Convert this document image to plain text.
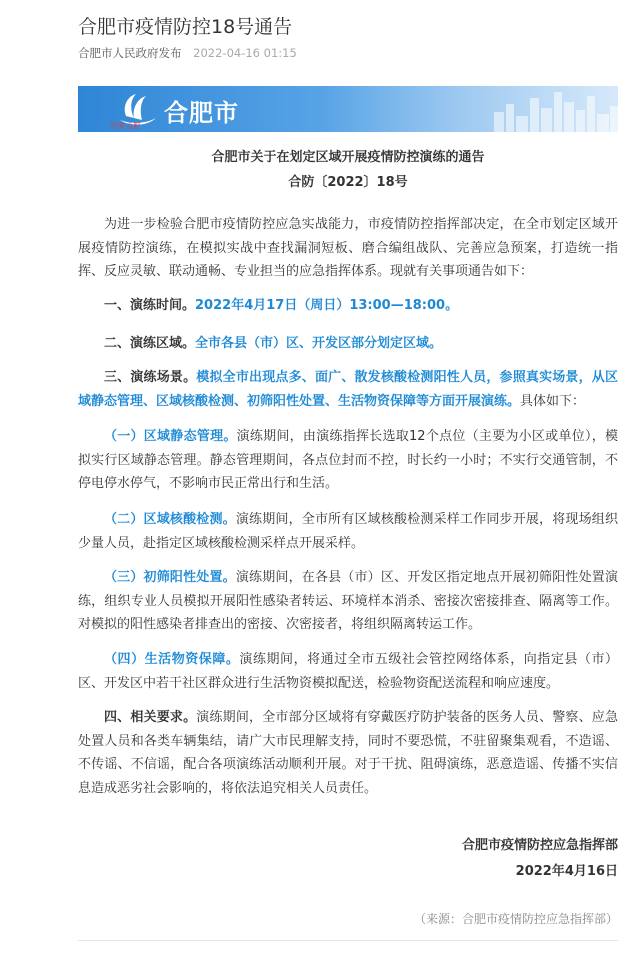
合肥市疫情防控18号通告
合肥市人民政府发布 2022-04-16 01:15
中国·合肥 合肥市
合肥市关于在划定区域开展疫情防控演练的通告
合防〔2022〕18号

为进一步检验合肥市疫情防控应急实战能力，市疫情防控指挥部决定，在全市划定区域开展疫情防控演练，在模拟实战中查找漏洞短板、磨合编组战队、完善应急预案，打造统一指挥、反应灵敏、联动通畅、专业担当的应急指挥体系。现就有关事项通告如下：

一、演练时间。2022年4月17日（周日）13:00—18:00。

二、演练区域。全市各县（市）区、开发区部分划定区域。

三、演练场景。模拟全市出现点多、面广、散发核酸检测阳性人员，参照真实场景，从区域静态管理、区域核酸检测、初筛阳性处置、生活物资保障等方面开展演练。具体如下：

（一）区域静态管理。演练期间，由演练指挥长选取12个点位（主要为小区或单位），模拟实行区域静态管理。静态管理期间，各点位封而不控，时长约一小时；不实行交通管制，不停电停水停气，不影响市民正常出行和生活。

（二）区域核酸检测。演练期间，全市所有区域核酸检测采样工作同步开展，将现场组织少量人员，赴指定区域核酸检测采样点开展采样。

（三）初筛阳性处置。演练期间，在各县（市）区、开发区指定地点开展初筛阳性处置演练，组织专业人员模拟开展阳性感染者转运、环境样本消杀、密接次密接排查、隔离等工作。对模拟的阳性感染者排查出的密接、次密接者，将组织隔离转运工作。

（四）生活物资保障。演练期间，将通过全市五级社会管控网络体系，向指定县（市）区、开发区中若干社区群众进行生活物资模拟配送，检验物资配送流程和响应速度。

四、相关要求。演练期间，全市部分区域将有穿戴医疗防护装备的医务人员、警察、应急处置人员和各类车辆集结，请广大市民理解支持，同时不要恐慌，不驻留聚集观看，不造谣、不传谣、不信谣，配合各项演练活动顺利开展。对于干扰、阻碍演练，恶意造谣、传播不实信息造成恶劣社会影响的，将依法追究相关人员责任。

合肥市疫情防控应急指挥部
2022年4月16日
（来源：合肥市疫情防控应急指挥部）
